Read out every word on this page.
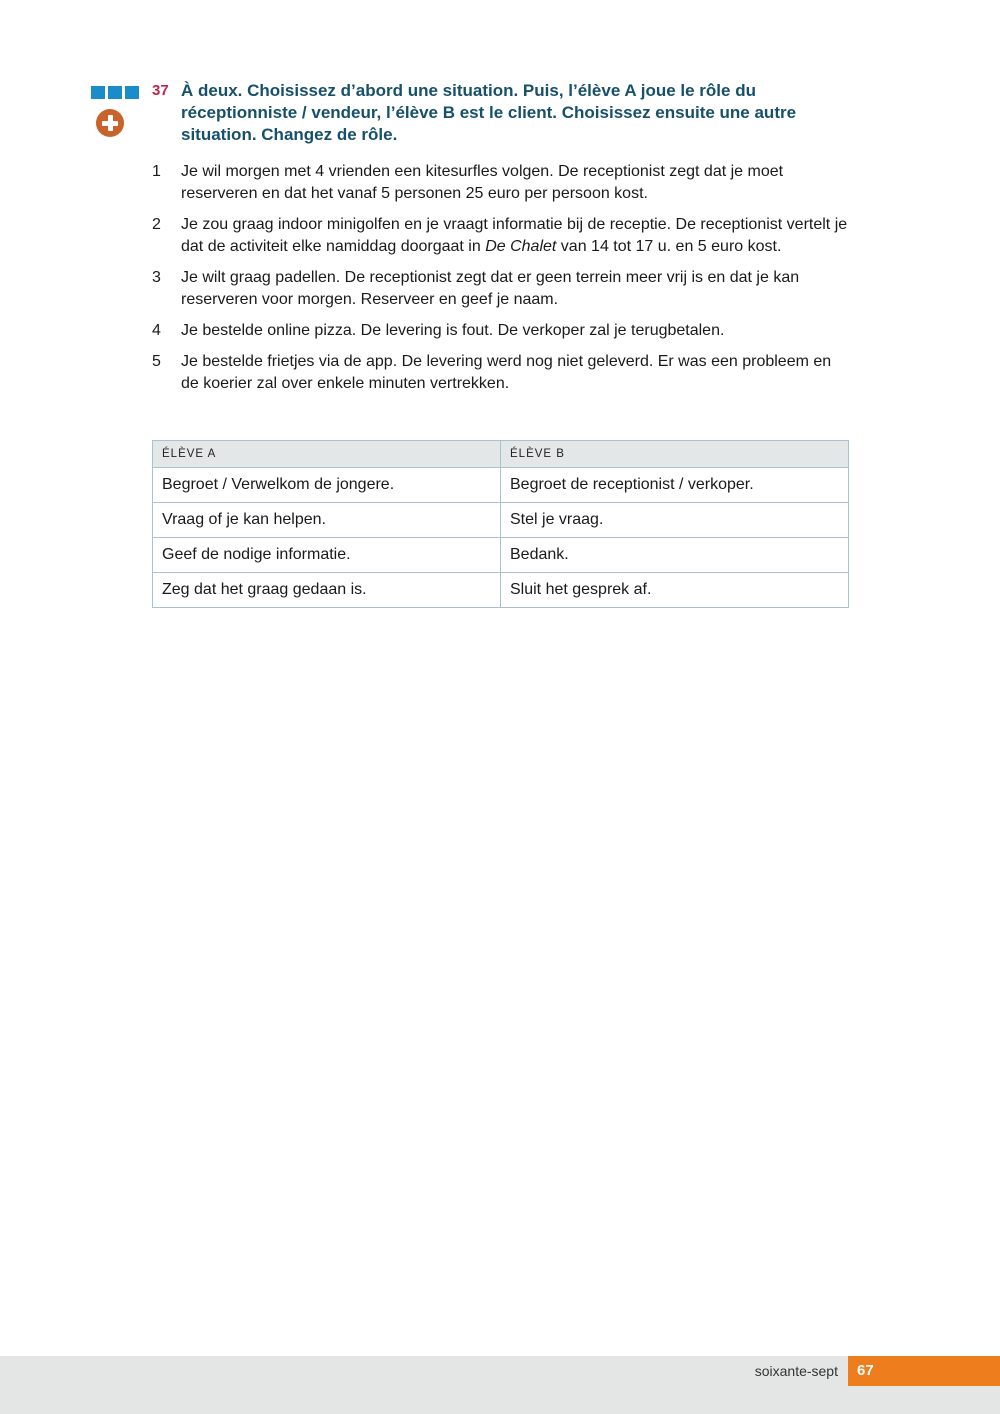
37 À deux. Choisissez d’abord une situation. Puis, l’élève A joue le rôle du réceptionniste / vendeur, l’élève B est le client. Choisissez ensuite une autre situation. Changez de rôle.

1	Je wil morgen met 4 vrienden een kitesurfles volgen. De receptionist zegt dat je moet reserveren en dat het vanaf 5 personen 25 euro per persoon kost.
2	Je zou graag indoor minigolfen en je vraagt informatie bij de receptie. De receptionist vertelt je dat de activiteit elke namiddag doorgaat in De Chalet van 14 tot 17 u. en 5 euro kost.
3	Je wilt graag padellen. De receptionist zegt dat er geen terrein meer vrij is en dat je kan reserveren voor morgen. Reserveer en geef je naam.
4	Je bestelde online pizza. De levering is fout. De verkoper zal je terugbetalen.
5	Je bestelde frietjes via de app. De levering werd nog niet geleverd. Er was een probleem en de koerier zal over enkele minuten vertrekken.
ÉLÈVE A	ÉLÈVE B
Begroet / Verwelkom de jongere.	Begroet de receptionist / verkoper.
Vraag of je kan helpen.	Stel je vraag.
Geef de nodige informatie.	Bedank.
Zeg dat het graag gedaan is.	Sluit het gesprek af.
soixante-sept	67
